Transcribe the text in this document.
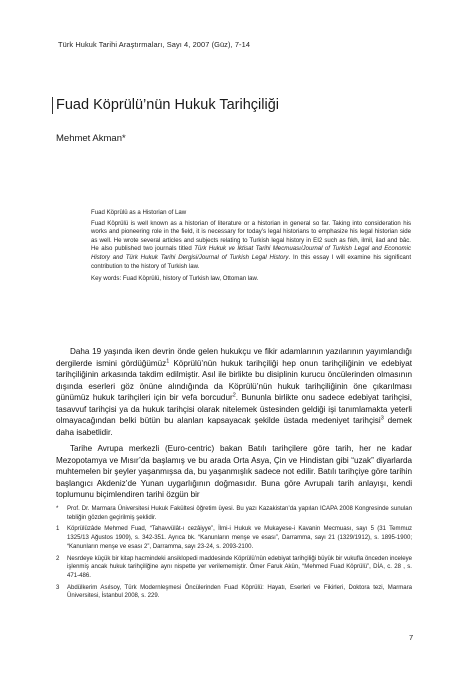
Türk Hukuk Tarihi Araştırmaları, Sayı 4, 2007 (Güz), 7-14
Fuad Köprülü’nün Hukuk Tarihçiliği
Mehmet Akman*
Fuad Köprülü as a Historian of Law

Fuad Köprülü is well known as a historian of literature or a historian in general so far. Taking into consideration his works and pioneering role in the field, it is necessary for today’s legal historians to emphasize his legal historian side as well. He wrote several articles and subjects relating to Turkish legal history in EI2 such as fıkh, ilmil, ilad and bâc. He also published two journals titled Türk Hukuk ve İktisat Tarihi Mecmuası/Journal of Turkish Legal and Economic History and Türk Hukuk Tarihi Dergisi/Journal of Turkish Legal History. In this essay I will examine his significant contribution to the history of Turkish law.

Key words: Fuad Köprülü, history of Turkish law, Ottoman law.

Daha 19 yaşında iken devrin önde gelen hukukçu ve fikir adamlarının yazılarının yayımlandığı dergilerde ismini gördüğümüz$^1$ Köprülü’nün hukuk tarihçiliği hep onun tarihçiliğinin ve edebiyat tarihçiliğinin arkasında takdim edilmiştir. Asıl ile birlikte bu disiplinin kurucu öncülerinden olmasının dışında eserleri göz önüne alındığında da Köprülü’nün hukuk tarihçiliğinin öne çıkarılması günümüz hukuk tarihçileri için bir vefa borcudur$^2$. Bununla birlikte onu sadece edebiyat tarihçisi, tasavvuf tarihçisi ya da hukuk tarihçisi olarak nitelemek üstesinden geldiği işi tanımlamakta yeterli olmayacağından belki bütün bu alanları kapsayacak şekilde üstada medeniyet tarihçisi$^3$ demek daha isabetlidir.

Tarihe Avrupa merkezli (Euro-centric) bakan Batılı tarihçilere göre tarih, her ne kadar Mezopotamya ve Mısır’da başlamış ve bu arada Orta Asya, Çin ve Hindistan gibi “uzak” diyarlarda muhtemelen bir şeyler yaşanmışsa da, bu yaşanmışlık sadece not edilir. Batılı tarihçiye göre tarihin başlangıcı Akdeniz’de Yunan uygarlığının doğmasıdır. Buna göre Avrupalı tarih anlayışı, kendi toplumunu biçimlendiren tarihi özgün bir

*	Prof. Dr. Marmara Üniversitesi Hukuk Fakültesi öğretim üyesi. Bu yazı Kazakistan’da yapılan ICAPA 2008 Kongresinde sunulan tebliğin gözden geçirilmiş şeklidir.
1	Köprülüzâde Mehmed Fuad, “Tahavvülât-ı cezâiyye”, İlmi-i Hukuk ve Mukayese-i Kavanin Mecmuası, sayı 5 (31 Temmuz 1325/13 Ağustos 1909), s. 342-351. Ayrıca bk. “Kanunların menşe ve esası”, Darramma, sayı 21 (1329/1912), s. 1895-1900; “Kanunların menşe ve esası 2”, Darramma, sayı 23-24, s. 2093-2100.
2	Nesrdeye küçük bir kitap hacmindeki ansiklopedi maddesinde Köprülü’nün edebiyat tarihçiliği büyük bir vukufla önceden inceleye işlenmiş ancak hukuk tarihçiliğine aynı nispette yer verilememiştir. Ömer Faruk Akün, “Mehmed Fuad Köprülü”, DİA, c. 28 , s. 471-486.
3	Abdülkerim Asılsoy, Türk Modernleşmesi Öncülerinden Fuad Köprülü: Hayatı, Eserleri ve Fikirleri, Doktora tezi, Marmara Üniversitesi, İstanbul 2008, s. 229.
7
